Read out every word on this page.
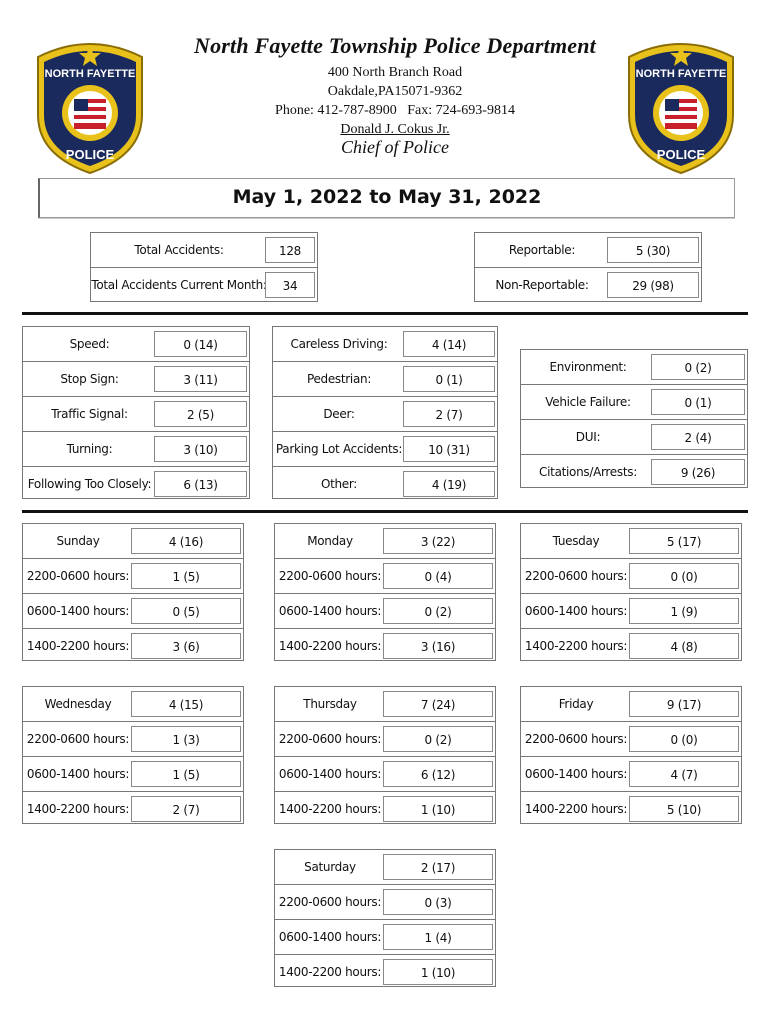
NORTH FAYETTE
POLICE
NORTH FAYETTE
POLICE
North Fayette Township Police Department
400 North Branch Road
Oakdale,PA15071-9362
Phone: 412-787-8900   Fax: 724-693-9814
Donald J. Cokus Jr.
Chief of Police
May 1, 2022 to May 31, 2022
Total Accidents:	128
Total Accidents Current Month:	34
Reportable:	5 (30)
Non-Reportable:	29 (98)
Speed:	0 (14)
Stop Sign:	3 (11)
Traffic Signal:	2 (5)
Turning:	3 (10)
Following Too Closely:	6 (13)
Careless Driving:	4 (14)
Pedestrian:	0 (1)
Deer:	2 (7)
Parking Lot Accidents:	10 (31)
Other:	4 (19)
Environment:	0 (2)
Vehicle Failure:	0 (1)
DUI:	2 (4)
Citations/Arrests:	9 (26)
Sunday	4 (16)
2200-0600 hours:	1 (5)
0600-1400 hours:	0 (5)
1400-2200 hours:	3 (6)
Monday	3 (22)
2200-0600 hours:	0 (4)
0600-1400 hours:	0 (2)
1400-2200 hours:	3 (16)
Tuesday	5 (17)
2200-0600 hours:	0 (0)
0600-1400 hours:	1 (9)
1400-2200 hours:	4 (8)
Wednesday	4 (15)
2200-0600 hours:	1 (3)
0600-1400 hours:	1 (5)
1400-2200 hours:	2 (7)
Thursday	7 (24)
2200-0600 hours:	0 (2)
0600-1400 hours:	6 (12)
1400-2200 hours:	1 (10)
Friday	9 (17)
2200-0600 hours:	0 (0)
0600-1400 hours:	4 (7)
1400-2200 hours:	5 (10)
Saturday	2 (17)
2200-0600 hours:	0 (3)
0600-1400 hours:	1 (4)
1400-2200 hours:	1 (10)
